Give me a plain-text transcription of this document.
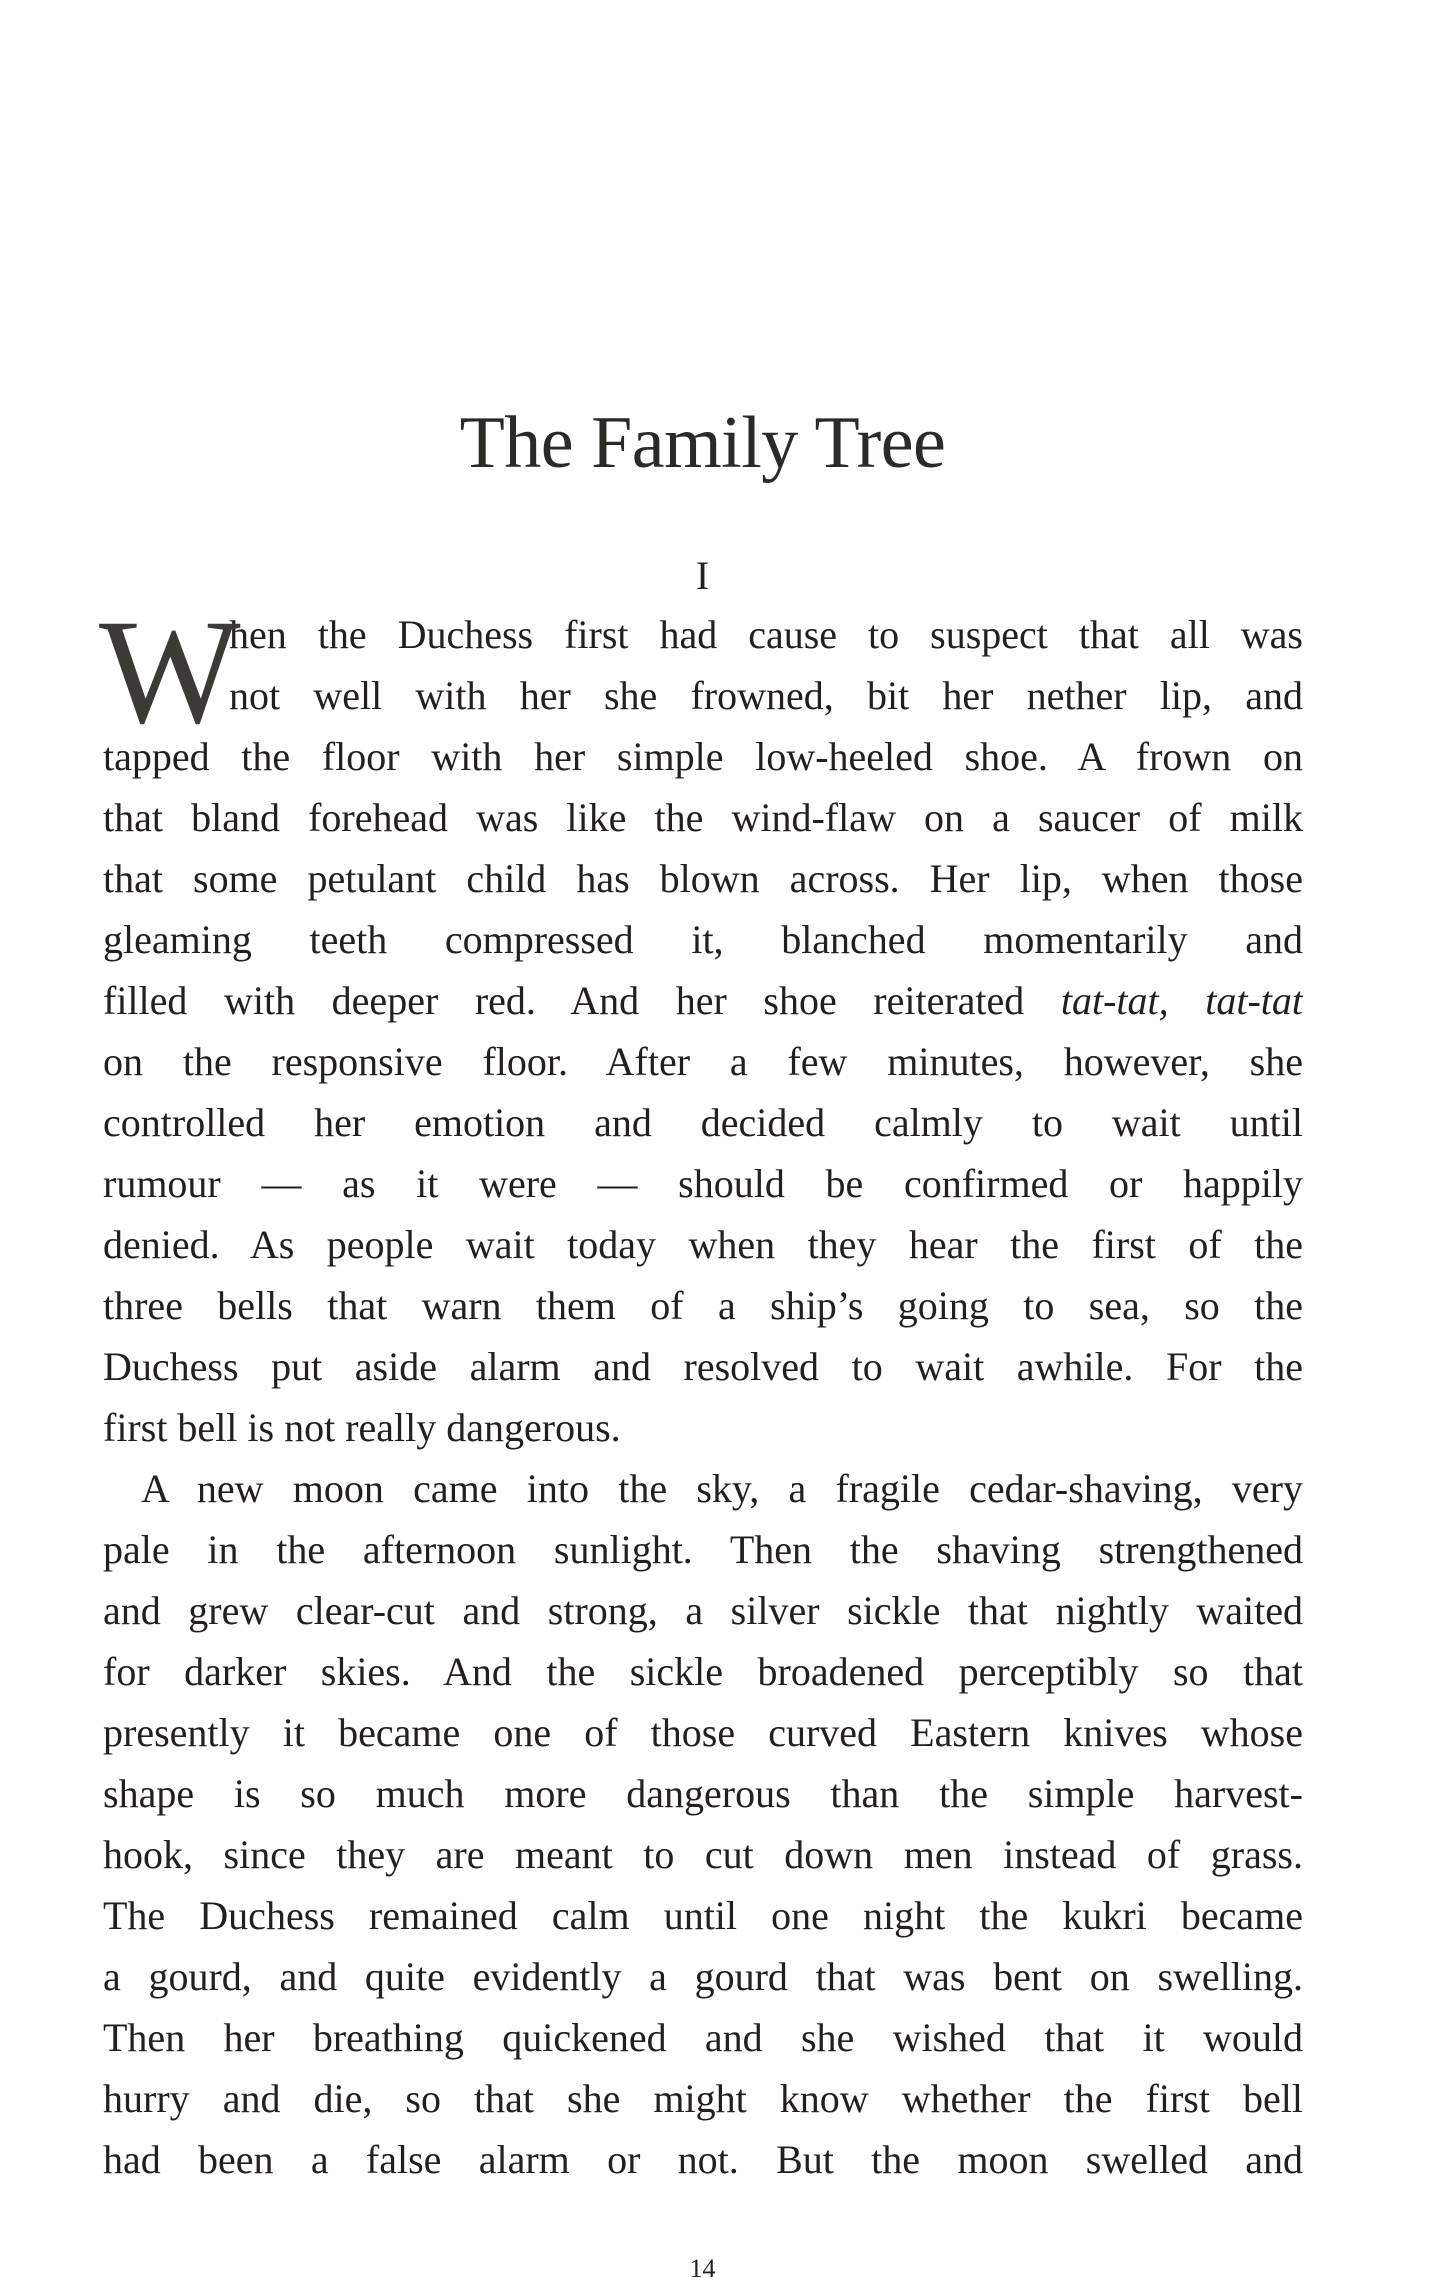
The Family Tree
I
W
hen the Duchess first had cause to suspect that all was
not well with her she frowned, bit her nether lip, and
tapped the floor with her simple low-heeled shoe. A frown on
that bland forehead was like the wind-flaw on a saucer of milk
that some petulant child has blown across. Her lip, when those
gleaming teeth compressed it, blanched momentarily and
filled with deeper red. And her shoe reiterated tat-tat, tat-tat
on the responsive floor. After a few minutes, however, she
controlled her emotion and decided calmly to wait until
rumour — as it were — should be confirmed or happily
denied. As people wait today when they hear the first of the
three bells that warn them of a ship’s going to sea, so the
Duchess put aside alarm and resolved to wait awhile. For the
first bell is not really dangerous.
A new moon came into the sky, a fragile cedar-shaving, very
pale in the afternoon sunlight. Then the shaving strengthened
and grew clear-cut and strong, a silver sickle that nightly waited
for darker skies. And the sickle broadened perceptibly so that
presently it became one of those curved Eastern knives whose
shape is so much more dangerous than the simple harvest-
hook, since they are meant to cut down men instead of grass.
The Duchess remained calm until one night the kukri became
a gourd, and quite evidently a gourd that was bent on swelling.
Then her breathing quickened and she wished that it would
hurry and die, so that she might know whether the first bell
had been a false alarm or not. But the moon swelled and
14
